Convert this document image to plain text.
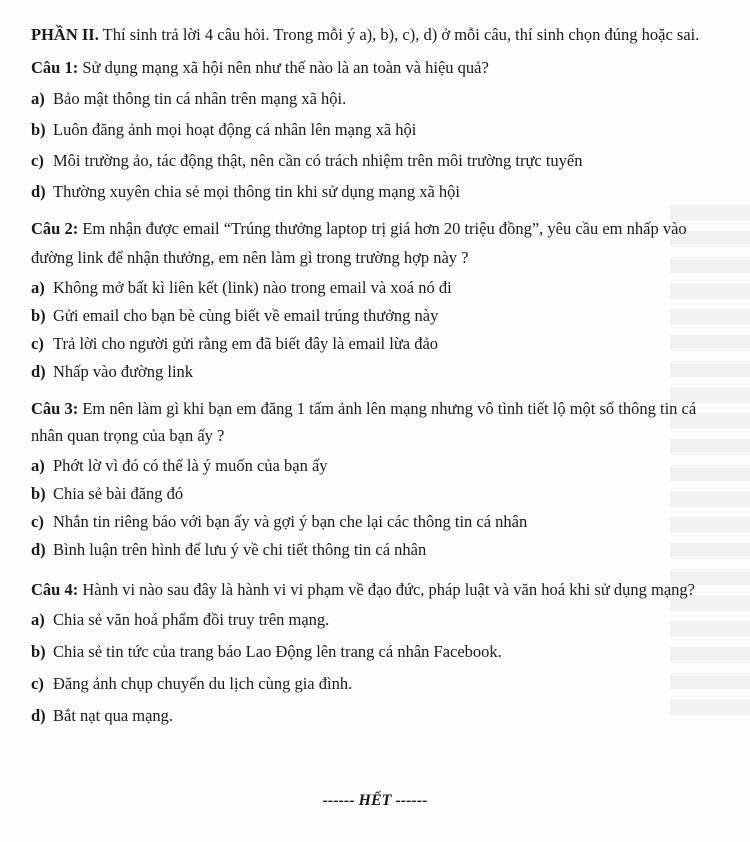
PHẦN II. Thí sinh trả lời 4 câu hỏi. Trong mỗi ý a), b), c), d) ở mỗi câu, thí sinh chọn đúng hoặc sai.

Câu 1: Sử dụng mạng xã hội nên như thế nào là an toàn và hiệu quả?

a) Bảo mật thông tin cá nhân trên mạng xã hội.

b) Luôn đăng ảnh mọi hoạt động cá nhân lên mạng xã hội

c) Môi trường ảo, tác động thật, nên cần có trách nhiệm trên môi trường trực tuyến

d) Thường xuyên chia sẻ mọi thông tin khi sử dụng mạng xã hội

Câu 2: Em nhận được email “Trúng thưởng laptop trị giá hơn 20 triệu đồng”, yêu cầu em nhấp vào đường link để nhận thưởng, em nên làm gì trong trường hợp này ?

a) Không mở bất kì liên kết (link) nào trong email và xoá nó đi

b) Gửi email cho bạn bè cùng biết về email trúng thưởng này

c) Trả lời cho người gửi rằng em đã biết đây là email lừa đảo

d) Nhấp vào đường link

Câu 3: Em nên làm gì khi bạn em đăng 1 tấm ảnh lên mạng nhưng vô tình tiết lộ một số thông tin cá nhân quan trọng của bạn ấy ?

a) Phớt lờ vì đó có thể là ý muốn của bạn ấy

b) Chia sẻ bài đăng đó

c) Nhắn tin riêng báo với bạn ấy và gợi ý bạn che lại các thông tin cá nhân

d) Bình luận trên hình để lưu ý về chi tiết thông tin cá nhân

Câu 4: Hành vi nào sau đây là hành vi vi phạm về đạo đức, pháp luật và văn hoá khi sử dụng mạng?

a) Chia sẻ văn hoá phẩm đồi truy trên mạng.

b) Chia sẻ tin tức của trang báo Lao Động lên trang cá nhân Facebook.

c) Đăng ảnh chụp chuyến du lịch cùng gia đình.

d) Bắt nạt qua mạng.

------ HẾT ------
